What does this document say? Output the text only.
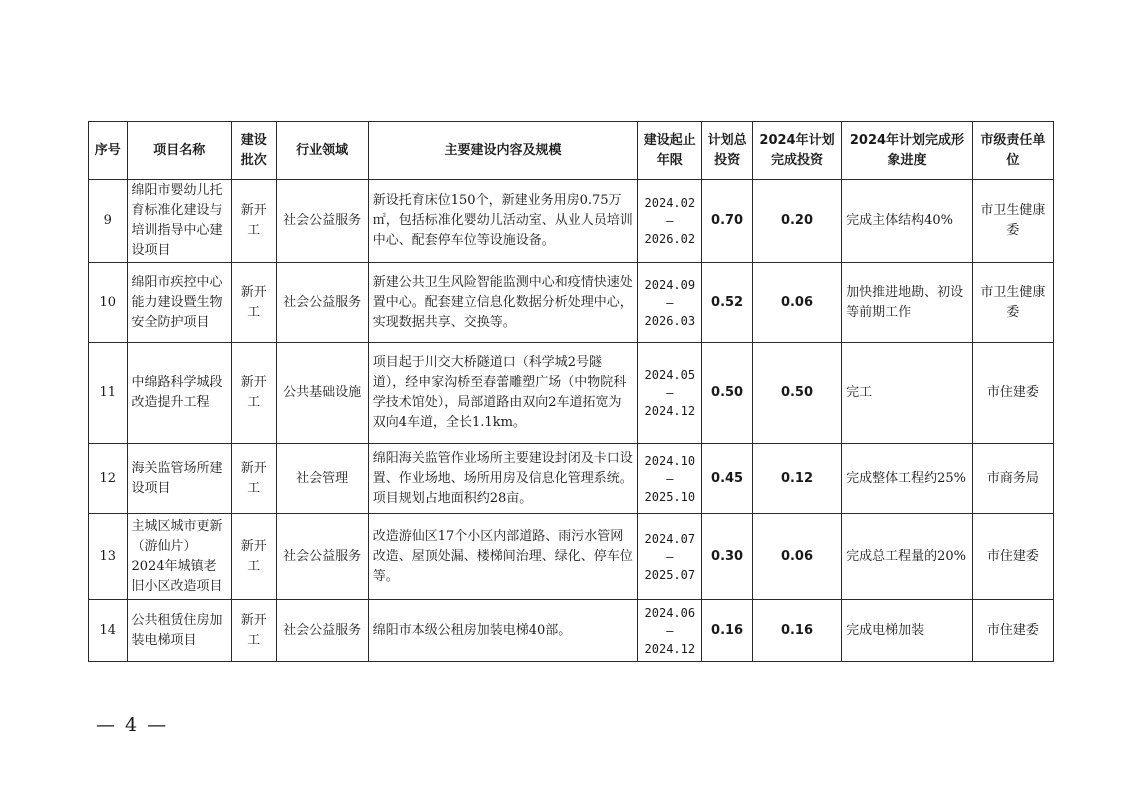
序号	项目名称	建设批次	行业领域	主要建设内容及规模	建设起止年限	计划总投资	2024年计划完成投资	2024年计划完成形象进度	市级责任单位
9	绵阳市婴幼儿托育标准化建设与培训指导中心建设项目	新开工	社会公益服务	新设托育床位150个，新建业务用房0.75万㎡，包括标准化婴幼儿活动室、从业人员培训中心、配套停车位等设施设备。	2024.02
–
2026.02	0.70	0.20	完成主体结构40%	市卫生健康委
10	绵阳市疾控中心能力建设暨生物安全防护项目	新开工	社会公益服务	新建公共卫生风险智能监测中心和疫情快速处置中心。配套建立信息化数据分析处理中心，实现数据共享、交换等。	2024.09
–
2026.03	0.52	0.06	加快推进地勘、初设等前期工作	市卫生健康委
11	中绵路科学城段改造提升工程	新开工	公共基础设施	项目起于川交大桥隧道口（科学城2号隧道），经申家沟桥至春蕾雕塑广场（中物院科学技术馆处），局部道路由双向2车道拓宽为双向4车道，全长1.1km。	2024.05
–
2024.12	0.50	0.50	完工	市住建委
12	海关监管场所建设项目	新开工	社会管理	绵阳海关监管作业场所主要建设封闭及卡口设置、作业场地、场所用房及信息化管理系统。项目规划占地面积约28亩。	2024.10
–
2025.10	0.45	0.12	完成整体工程约25%	市商务局
13	主城区城市更新（游仙片）2024年城镇老旧小区改造项目	新开工	社会公益服务	改造游仙区17个小区内部道路、雨污水管网改造、屋顶处漏、楼梯间治理、绿化、停车位等。	2024.07
–
2025.07	0.30	0.06	完成总工程量的20%	市住建委
14	公共租赁住房加装电梯项目	新开工	社会公益服务	绵阳市本级公租房加装电梯40部。	2024.06
–
2024.12	0.16	0.16	完成电梯加装	市住建委
— 4 —
